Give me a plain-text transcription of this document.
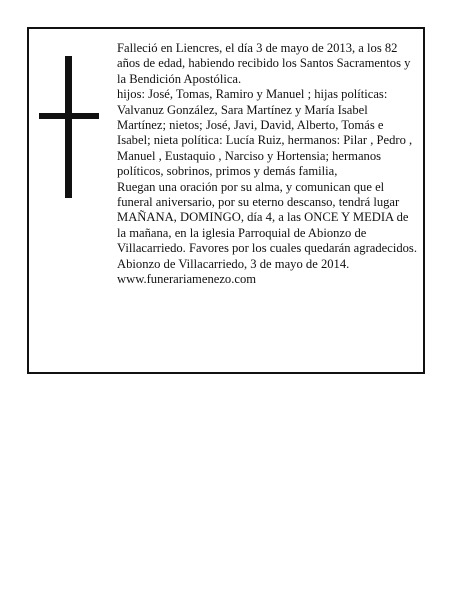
Falleció en Liencres, el día 3 de mayo de 2013, a los 82 años de edad, habiendo recibido los Santos Sacramentos y la Bendición Apostólica.

hijos: José, Tomas, Ramiro y Manuel ; hijas políticas: Valvanuz González, Sara Martínez y María Isabel Martínez; nietos; José, Javi, David, Alberto, Tomás e Isabel; nieta política: Lucía Ruiz, hermanos: Pilar , Pedro , Manuel , Eustaquio , Narciso y Hortensia; hermanos políticos, sobrinos, primos y demás familia,

Ruegan una oración por su alma, y comunican que el funeral aniversario, por su eterno descanso, tendrá lugar MAÑANA, DOMINGO, día 4, a las ONCE Y MEDIA de la mañana, en la iglesia Parroquial de Abionzo de Villacarriedo. Favores por los cuales quedarán agradecidos.

Abionzo de Villacarriedo, 3 de mayo de 2014.

www.funerariamenezo.com
